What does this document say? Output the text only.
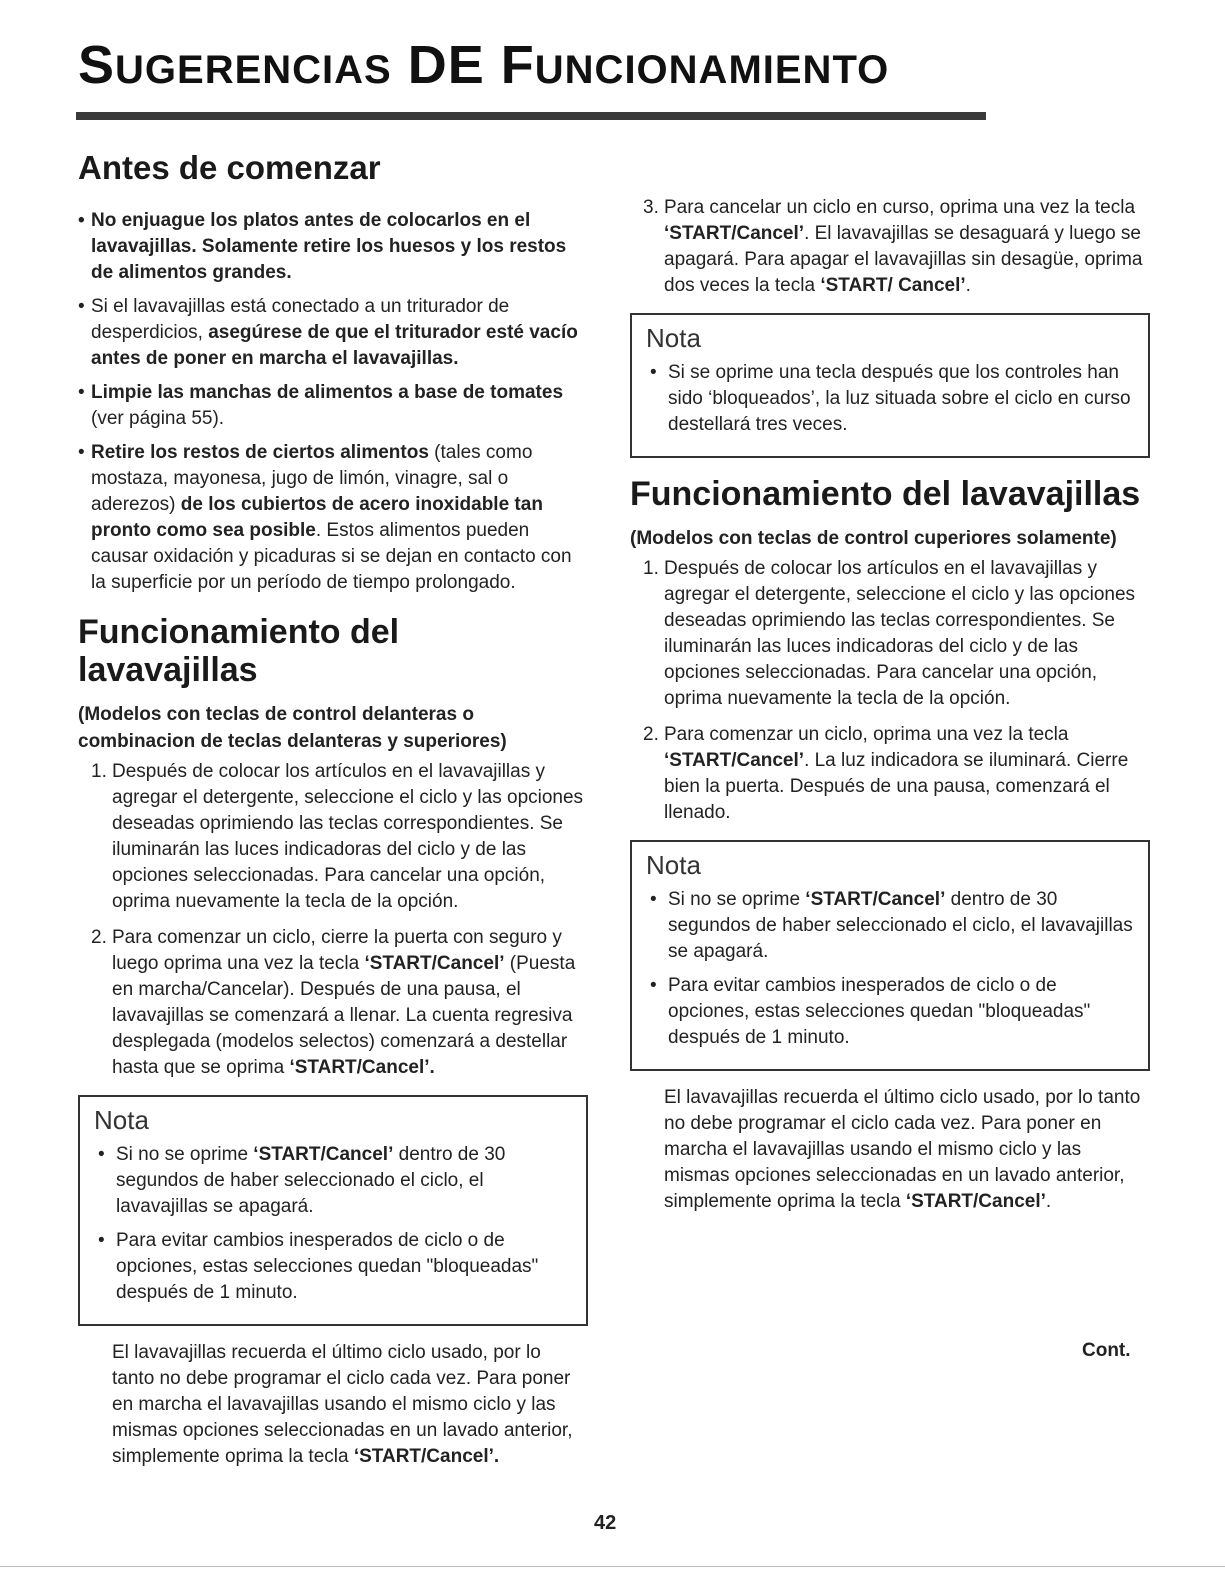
SUGERENCIAS DE FUNCIONAMIENTO
Antes de comenzar
• No enjuague los platos antes de colocarlos en el lavavajillas. Solamente retire los huesos y los restos de alimentos grandes.
• Si el lavavajillas está conectado a un triturador de desperdicios, asegúrese de que el triturador esté vacío antes de poner en marcha el lavavajillas.
• Limpie las manchas de alimentos a base de tomates (ver página 55).
• Retire los restos de ciertos alimentos (tales como mostaza, mayonesa, jugo de limón, vinagre, sal o aderezos) de los cubiertos de acero inoxidable tan pronto como sea posible. Estos alimentos pueden causar oxidación y picaduras si se dejan en contacto con la superficie por un período de tiempo prolongado.
Funcionamiento del lavavajillas
(Modelos con teclas de control delanteras o combinacion de teclas delanteras y superiores)
1. Después de colocar los artículos en el lavavajillas y agregar el detergente, seleccione el ciclo y las opciones deseadas oprimiendo las teclas correspondientes. Se iluminarán las luces indicadoras del ciclo y de las opciones seleccionadas. Para cancelar una opción, oprima nuevamente la tecla de la opción.
2. Para comenzar un ciclo, cierre la puerta con seguro y luego oprima una vez la tecla ‘START/Cancel’ (Puesta en marcha/Cancelar). Después de una pausa, el lavavajillas se comenzará a llenar. La cuenta regresiva desplegada (modelos selectos) comenzará a destellar hasta que se oprima ‘START/Cancel’.
Nota
• Si no se oprime ‘START/Cancel’ dentro de 30 segundos de haber seleccionado el ciclo, el lavavajillas se apagará.
• Para evitar cambios inesperados de ciclo o de opciones, estas selecciones quedan "bloqueadas" después de 1 minuto.
El lavavajillas recuerda el último ciclo usado, por lo tanto no debe programar el ciclo cada vez. Para poner en marcha el lavavajillas usando el mismo ciclo y las mismas opciones seleccionadas en un lavado anterior, simplemente oprima la tecla ‘START/Cancel’.
3. Para cancelar un ciclo en curso, oprima una vez la tecla ‘START/Cancel’. El lavavajillas se desaguará y luego se apagará. Para apagar el lavavajillas sin desagüe, oprima dos veces la tecla ‘START/ Cancel’.
Nota
• Si se oprime una tecla después que los controles han sido ‘bloqueados’, la luz situada sobre el ciclo en curso destellará tres veces.
Funcionamiento del lavavajillas
(Modelos con teclas de control cuperiores solamente)
1. Después de colocar los artículos en el lavavajillas y agregar el detergente, seleccione el ciclo y las opciones deseadas oprimiendo las teclas correspondientes. Se iluminarán las luces indicadoras del ciclo y de las opciones seleccionadas. Para cancelar una opción, oprima nuevamente la tecla de la opción.
2. Para comenzar un ciclo, oprima una vez la tecla ‘START/Cancel’. La luz indicadora se iluminará. Cierre bien la puerta. Después de una pausa, comenzará el llenado.
Nota
• Si no se oprime ‘START/Cancel’ dentro de 30 segundos de haber seleccionado el ciclo, el lavavajillas se apagará.
• Para evitar cambios inesperados de ciclo o de opciones, estas selecciones quedan "bloqueadas" después de 1 minuto.
El lavavajillas recuerda el último ciclo usado, por lo tanto no debe programar el ciclo cada vez. Para poner en marcha el lavavajillas usando el mismo ciclo y las mismas opciones seleccionadas en un lavado anterior, simplemente oprima la tecla ‘START/Cancel’.
Cont.
42
